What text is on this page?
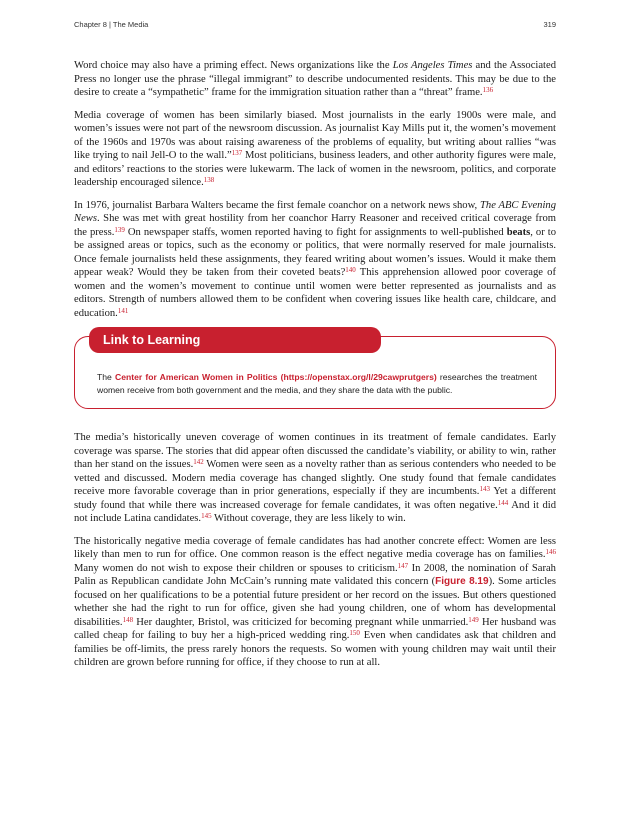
Chapter 8 | The Media	319

Word choice may also have a priming effect. News organizations like the Los Angeles Times and the Associated Press no longer use the phrase “illegal immigrant” to describe undocumented residents. This may be due to the desire to create a “sympathetic” frame for the immigration situation rather than a “threat” frame.$^{136}$

Media coverage of women has been similarly biased. Most journalists in the early 1900s were male, and women’s issues were not part of the newsroom discussion. As journalist Kay Mills put it, the women’s movement of the 1960s and 1970s was about raising awareness of the problems of equality, but writing about rallies “was like trying to nail Jell-O to the wall.”$^{137}$ Most politicians, business leaders, and other authority figures were male, and editors’ reactions to the stories were lukewarm. The lack of women in the newsroom, politics, and corporate leadership encouraged silence.$^{138}$

In 1976, journalist Barbara Walters became the first female coanchor on a network news show, The ABC Evening News. She was met with great hostility from her coanchor Harry Reasoner and received critical coverage from the press.$^{139}$ On newspaper staffs, women reported having to fight for assignments to well-published beats, or to be assigned areas or topics, such as the economy or politics, that were normally reserved for male journalists. Once female journalists held these assignments, they feared writing about women’s issues. Would it make them appear weak? Would they be taken from their coveted beats?$^{140}$ This apprehension allowed poor coverage of women and the women’s movement to continue until women were better represented as journalists and as editors. Strength of numbers allowed them to be confident when covering issues like health care, childcare, and education.$^{141}$

Link to Learning
The Center for American Women in Politics (https://openstax.org/l/29cawprutgers) researches the treatment women receive from both government and the media, and they share the data with the public.

The media’s historically uneven coverage of women continues in its treatment of female candidates. Early coverage was sparse. The stories that did appear often discussed the candidate’s viability, or ability to win, rather than her stand on the issues.$^{142}$ Women were seen as a novelty rather than as serious contenders who needed to be vetted and discussed. Modern media coverage has changed slightly. One study found that female candidates receive more favorable coverage than in prior generations, especially if they are incumbents.$^{143}$ Yet a different study found that while there was increased coverage for female candidates, it was often negative.$^{144}$ And it did not include Latina candidates.$^{145}$ Without coverage, they are less likely to win.

The historically negative media coverage of female candidates has had another concrete effect: Women are less likely than men to run for office. One common reason is the effect negative media coverage has on families.$^{146}$ Many women do not wish to expose their children or spouses to criticism.$^{147}$ In 2008, the nomination of Sarah Palin as Republican candidate John McCain’s running mate validated this concern (Figure 8.19). Some articles focused on her qualifications to be a potential future president or her record on the issues. But others questioned whether she had the right to run for office, given she had young children, one of whom has developmental disabilities.$^{148}$ Her daughter, Bristol, was criticized for becoming pregnant while unmarried.$^{149}$ Her husband was called cheap for failing to buy her a high-priced wedding ring.$^{150}$ Even when candidates ask that children and families be off-limits, the press rarely honors the requests. So women with young children may wait until their children are grown before running for office, if they choose to run at all.
